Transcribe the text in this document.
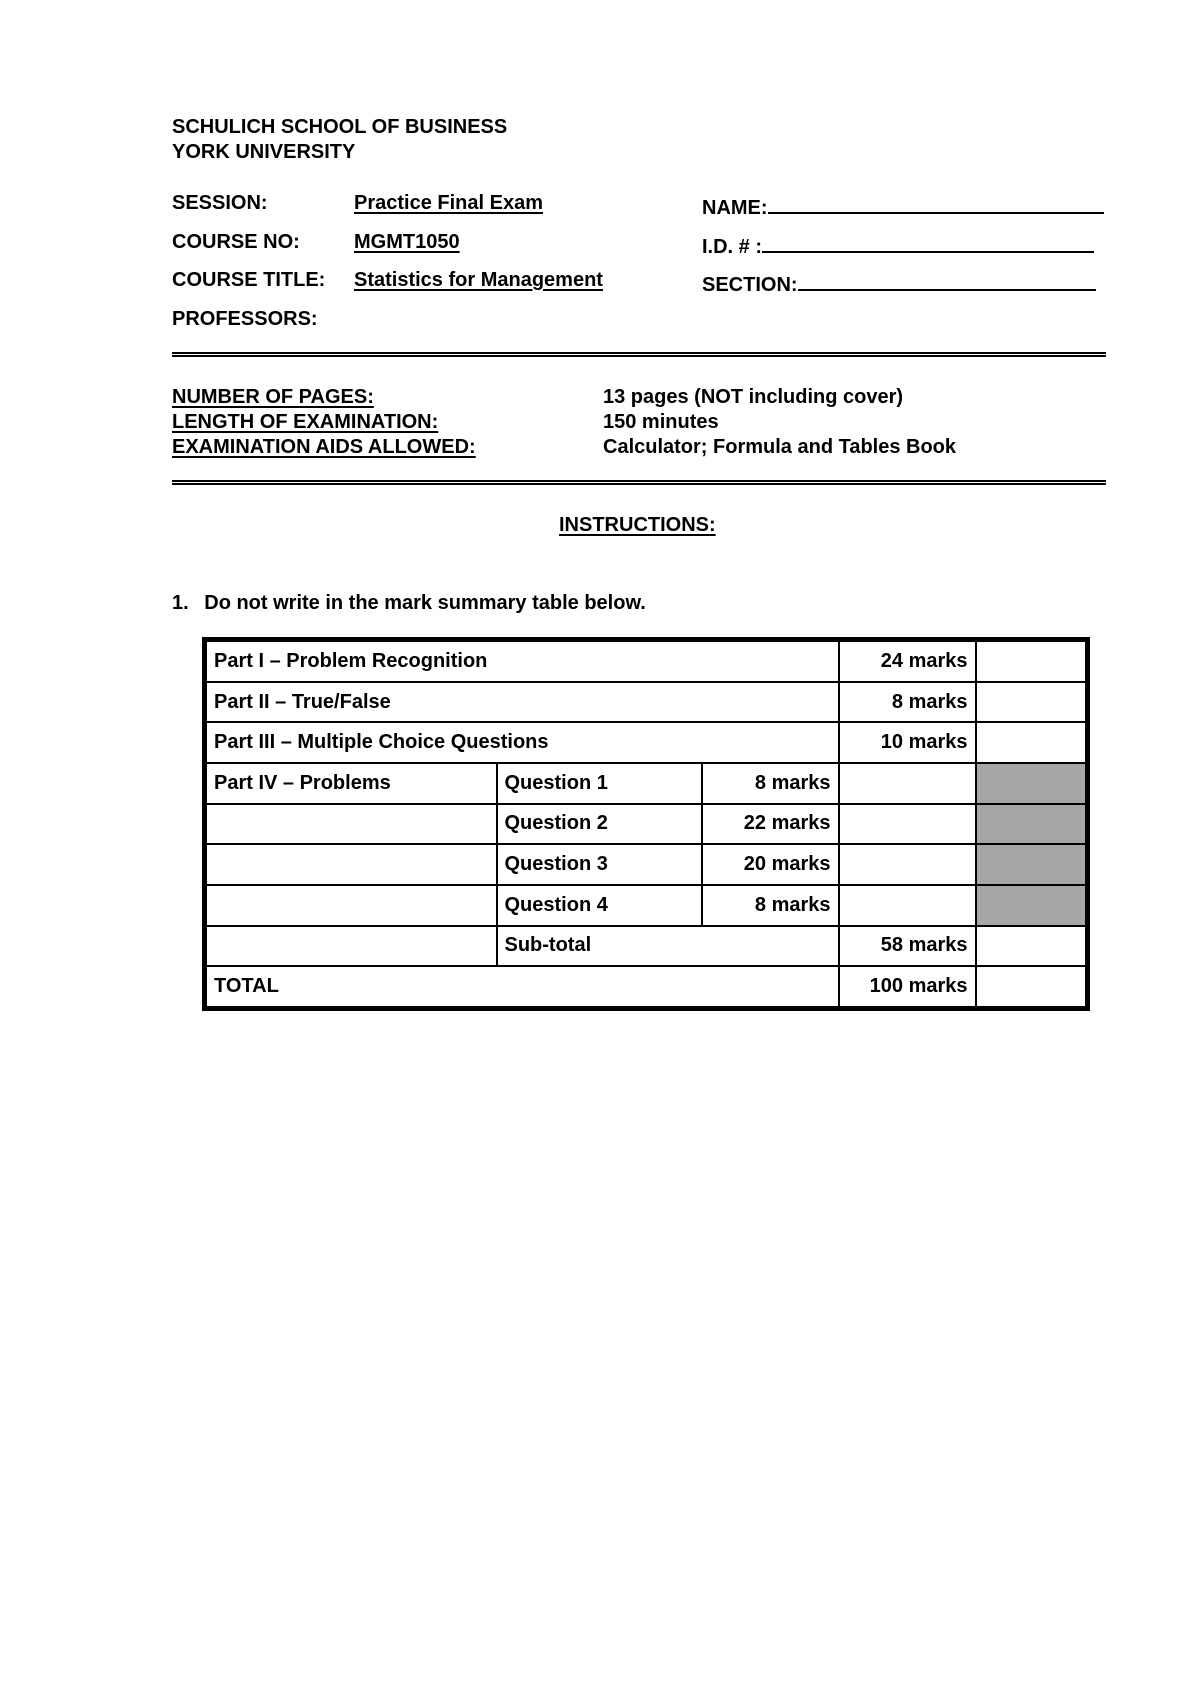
SCHULICH SCHOOL OF BUSINESS
YORK UNIVERSITY
SESSION:	Practice Final Exam	NAME:
COURSE NO:	MGMT1050	I.D. # :
COURSE TITLE: Statistics for Management	SECTION:
PROFESSORS:
NUMBER OF PAGES:	13 pages (NOT including cover)
LENGTH OF EXAMINATION:	150 minutes
EXAMINATION AIDS ALLOWED:	Calculator; Formula and Tables Book
INSTRUCTIONS:
1. Do not write in the mark summary table below.
Part I – Problem Recognition			24 marks	
Part II – True/False			8 marks	
Part III – Multiple Choice Questions			10 marks	
Part IV – Problems	Question 1	8 marks		
	Question 2	22 marks		
	Question 3	20 marks		
	Question 4	8 marks		
	Sub-total		58 marks	
TOTAL			100 marks	
